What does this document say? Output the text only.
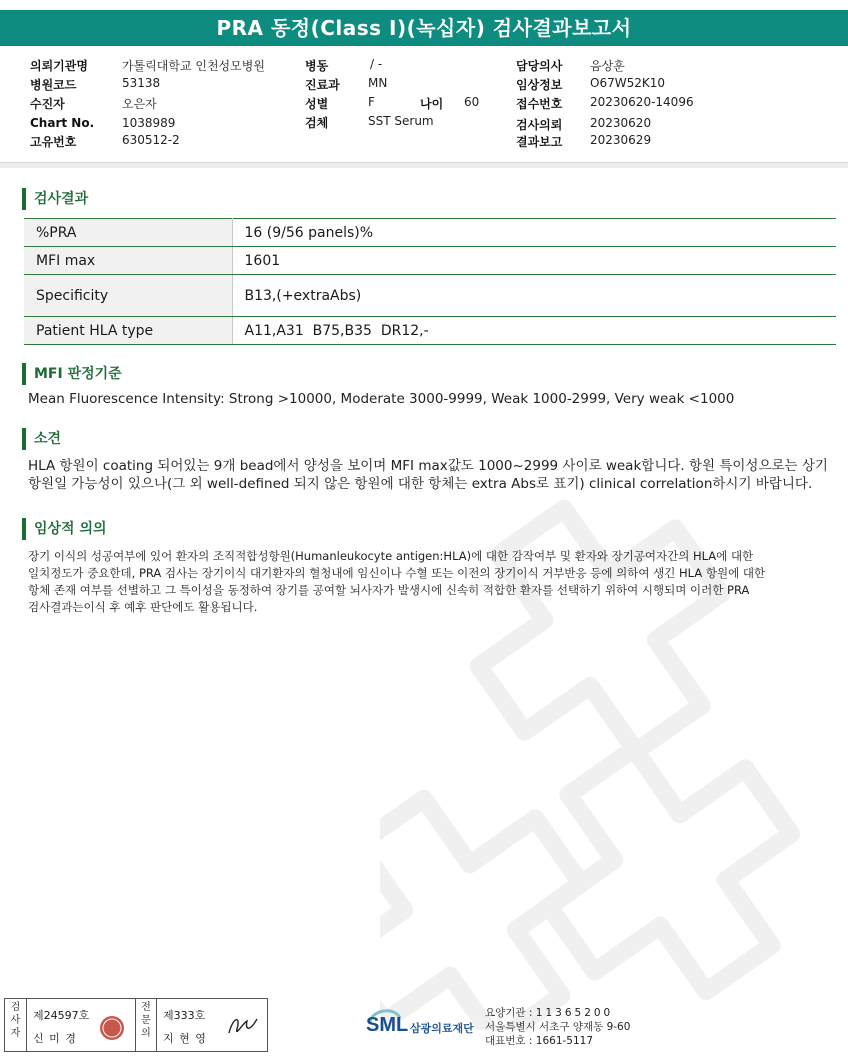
PRA 동정(Class I)(녹십자) 검사결과보고서
의뢰기관명	가톨릭대학교 인천성모병원
병원코드	53138
수진자	오은자
Chart No. 1038989
고유번호	630512-2
병동	/ -
진료과 MN
성별	F	나이 60
검체	SST Serum
담당의사 음상훈
임상정보 O67W52K10
접수번호 20230620-14096
검사의뢰 20230620
결과보고 20230629
검사결과
%PRA	16 (9/56 panels)%
MFI max	1601
Specificity	B13,(+extraAbs)
Patient HLA type	A11,A31  B75,B35  DR12,-
MFI 판정기준
Mean Fluorescence Intensity: Strong >10000, Moderate 3000-9999, Weak 1000-2999, Very weak <1000
소견
HLA 항원이 coating 되어있는 9개 bead에서 양성을 보이며 MFI max값도 1000~2999 사이로 weak합니다. 항원 특이성으로는 상기
항원일 가능성이 있으나(그 외 well-defined 되지 않은 항원에 대한 항체는 extra Abs로 표기) clinical correlation하시기 바랍니다.
임상적 의의
장기 이식의 성공여부에 있어 환자의 조직적합성항원(Humanleukocyte antigen:HLA)에 대한 감작여부 및 환자와 장기공여자간의 HLA에 대한
일치정도가 중요한데, PRA 검사는 장기이식 대기환자의 혈청내에 임신이나 수혈 또는 이전의 장기이식 거부반응 등에 의하여 생긴 HLA 항원에 대한
항체 존재 여부를 선별하고 그 특이성을 동정하여 장기를 공여할 뇌사자가 발생시에 신속히 적합한 환자를 선택하기 위하여 시행되며 이러한 PRA
검사결과는이식 후 예후 판단에도 활용됩니다.
검
사
자
제24597호
신 미 경
전
문
의
제333호
지 현 영
SML 삼광의료재단
요양기관 : 11365200
서울특별시 서초구 양재동 9-60
대표번호 : 1661-5117
